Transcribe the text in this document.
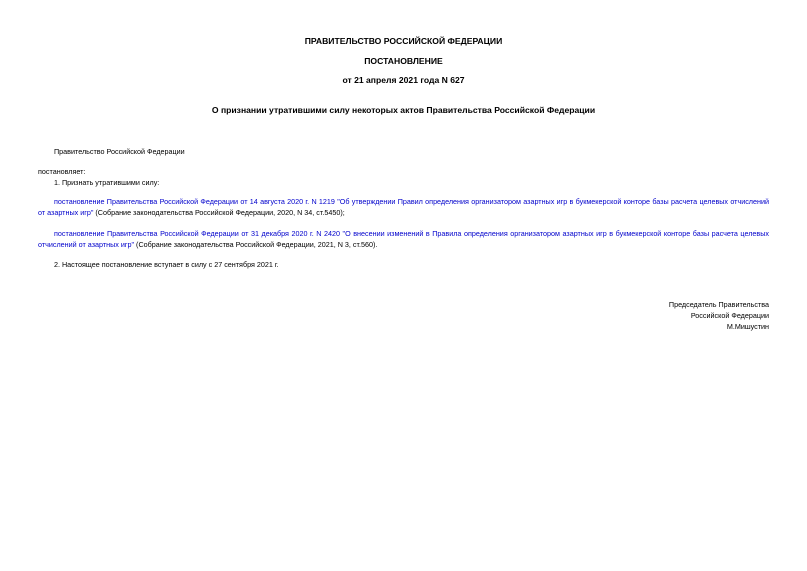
ПРАВИТЕЛЬСТВО РОССИЙСКОЙ ФЕДЕРАЦИИ
ПОСТАНОВЛЕНИЕ
от 21 апреля 2021 года N 627
О признании утратившими силу некоторых актов Правительства Российской Федерации
Правительство Российской Федерации
постановляет:
1. Признать утратившими силу:
постановление Правительства Российской Федерации от 14 августа 2020 г. N 1219 "Об утверждении Правил определения организатором азартных игр в букмекерской конторе базы расчета целевых отчислений от азартных игр" (Собрание законодательства Российской Федерации, 2020, N 34, ст.5450);
постановление Правительства Российской Федерации от 31 декабря 2020 г. N 2420 "О внесении изменений в Правила определения организатором азартных игр в букмекерской конторе базы расчета целевых отчислений от азартных игр" (Собрание законодательства Российской Федерации, 2021, N 3, ст.560).
2. Настоящее постановление вступает в силу с 27 сентября 2021 г.
Председатель Правительства
Российской Федерации
М.Мишустин
